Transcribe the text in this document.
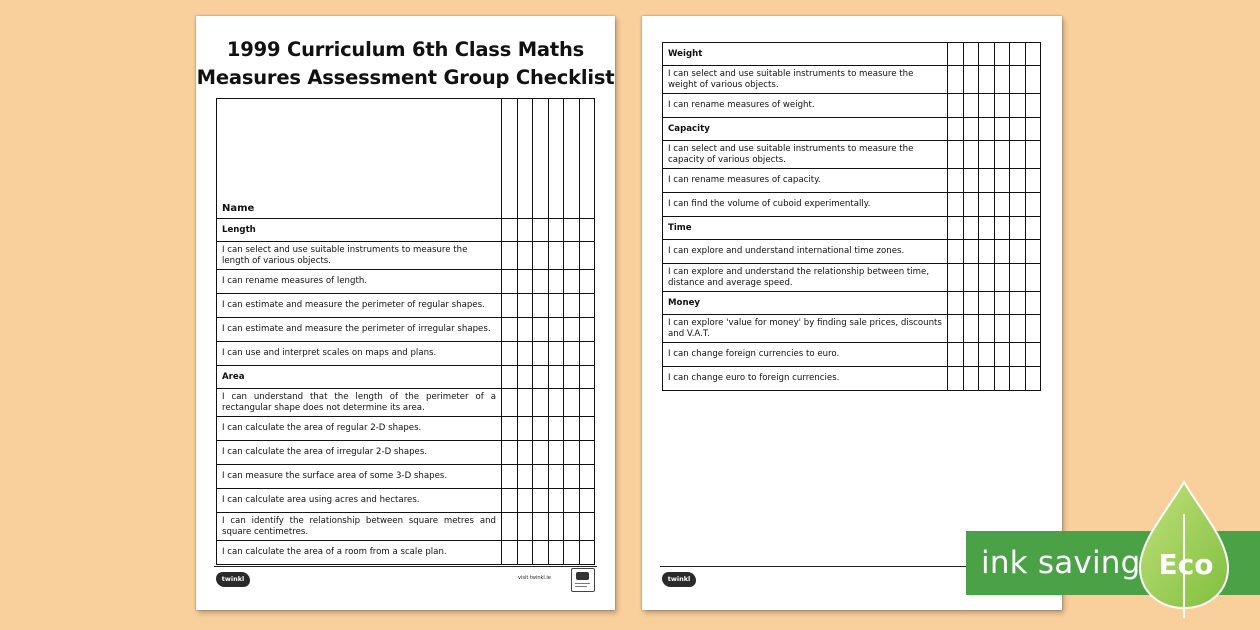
1999 Curriculum 6th Class Maths
Measures Assessment Group Checklist
Name						
Length						
I can select and use suitable instruments to measure the length of various objects.						
I can rename measures of length.						
I can estimate and measure the perimeter of regular shapes.						
I can estimate and measure the perimeter of irregular shapes.						
I can use and interpret scales on maps and plans.						
Area						
I can understand that the length of the perimeter of a rectangular shape does not determine its area.						
I can calculate the area of regular 2-D shapes.						
I can calculate the area of irregular 2-D shapes.						
I can measure the surface area of some 3-D shapes.						
I can calculate area using acres and hectares.						
I can identify the relationship between square metres and square centimetres.						
I can calculate the area of a room from a scale plan.						
twinkl	visit twinkl.ie
Weight						
I can select and use suitable instruments to measure the weight of various objects.						
I can rename measures of weight.						
Capacity						
I can select and use suitable instruments to measure the capacity of various objects.						
I can rename measures of capacity.						
I can find the volume of cuboid experimentally.						
Time						
I can explore and understand international time zones.						
I can explore and understand the relationship between time, distance and average speed.						
Money						
I can explore 'value for money' by finding sale prices, discounts and V.A.T.						
I can change foreign currencies to euro.						
I can change euro to foreign currencies.						
twinkl	ink saving Eco
